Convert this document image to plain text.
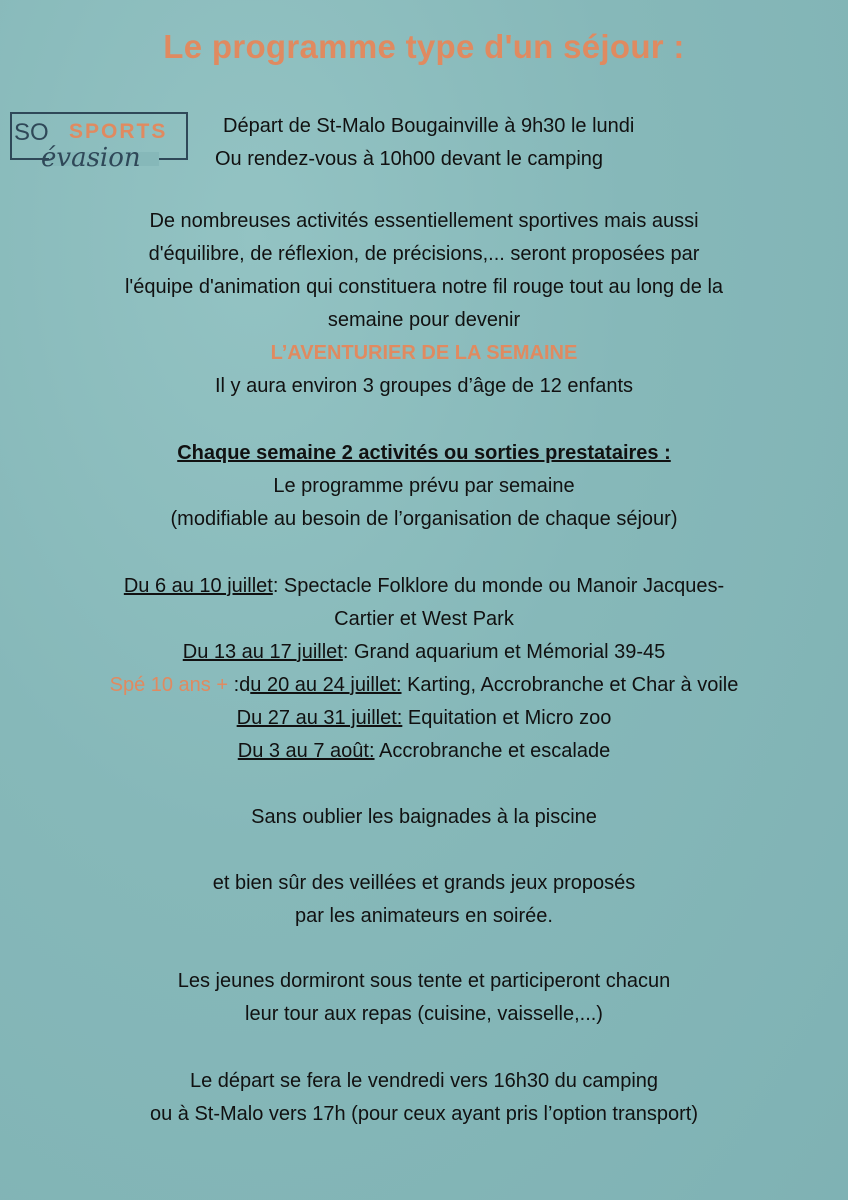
Le programme type d'un séjour :
SO SPORTS
évasion
Départ de St-Malo Bougainville à 9h30 le lundi
Ou rendez-vous à 10h00 devant le camping
De nombreuses activités essentiellement sportives mais aussi
d'équilibre, de réflexion, de précisions,... seront proposées par
l'équipe d'animation qui constituera notre fil rouge tout au long de la
semaine pour devenir
L’AVENTURIER DE LA SEMAINE
Il y aura environ 3 groupes d’âge de 12 enfants
Chaque semaine 2 activités ou sorties prestataires :
Le programme prévu par semaine
(modifiable au besoin de l’organisation de chaque séjour)
Du 6 au 10 juillet: Spectacle Folklore du monde ou Manoir Jacques-
Cartier et West Park
Du 13 au 17 juillet: Grand aquarium et Mémorial 39-45
Spé 10 ans + :du 20 au 24 juillet: Karting, Accrobranche et Char à voile
Du 27 au 31 juillet: Equitation et Micro zoo
Du 3 au 7 août: Accrobranche et escalade
Sans oublier les baignades à la piscine
et bien sûr des veillées et grands jeux proposés
par les animateurs en soirée.
Les jeunes dormiront sous tente et participeront chacun
leur tour aux repas (cuisine, vaisselle,...)
Le départ se fera le vendredi vers 16h30 du camping
ou à St-Malo vers 17h (pour ceux ayant pris l’option transport)
